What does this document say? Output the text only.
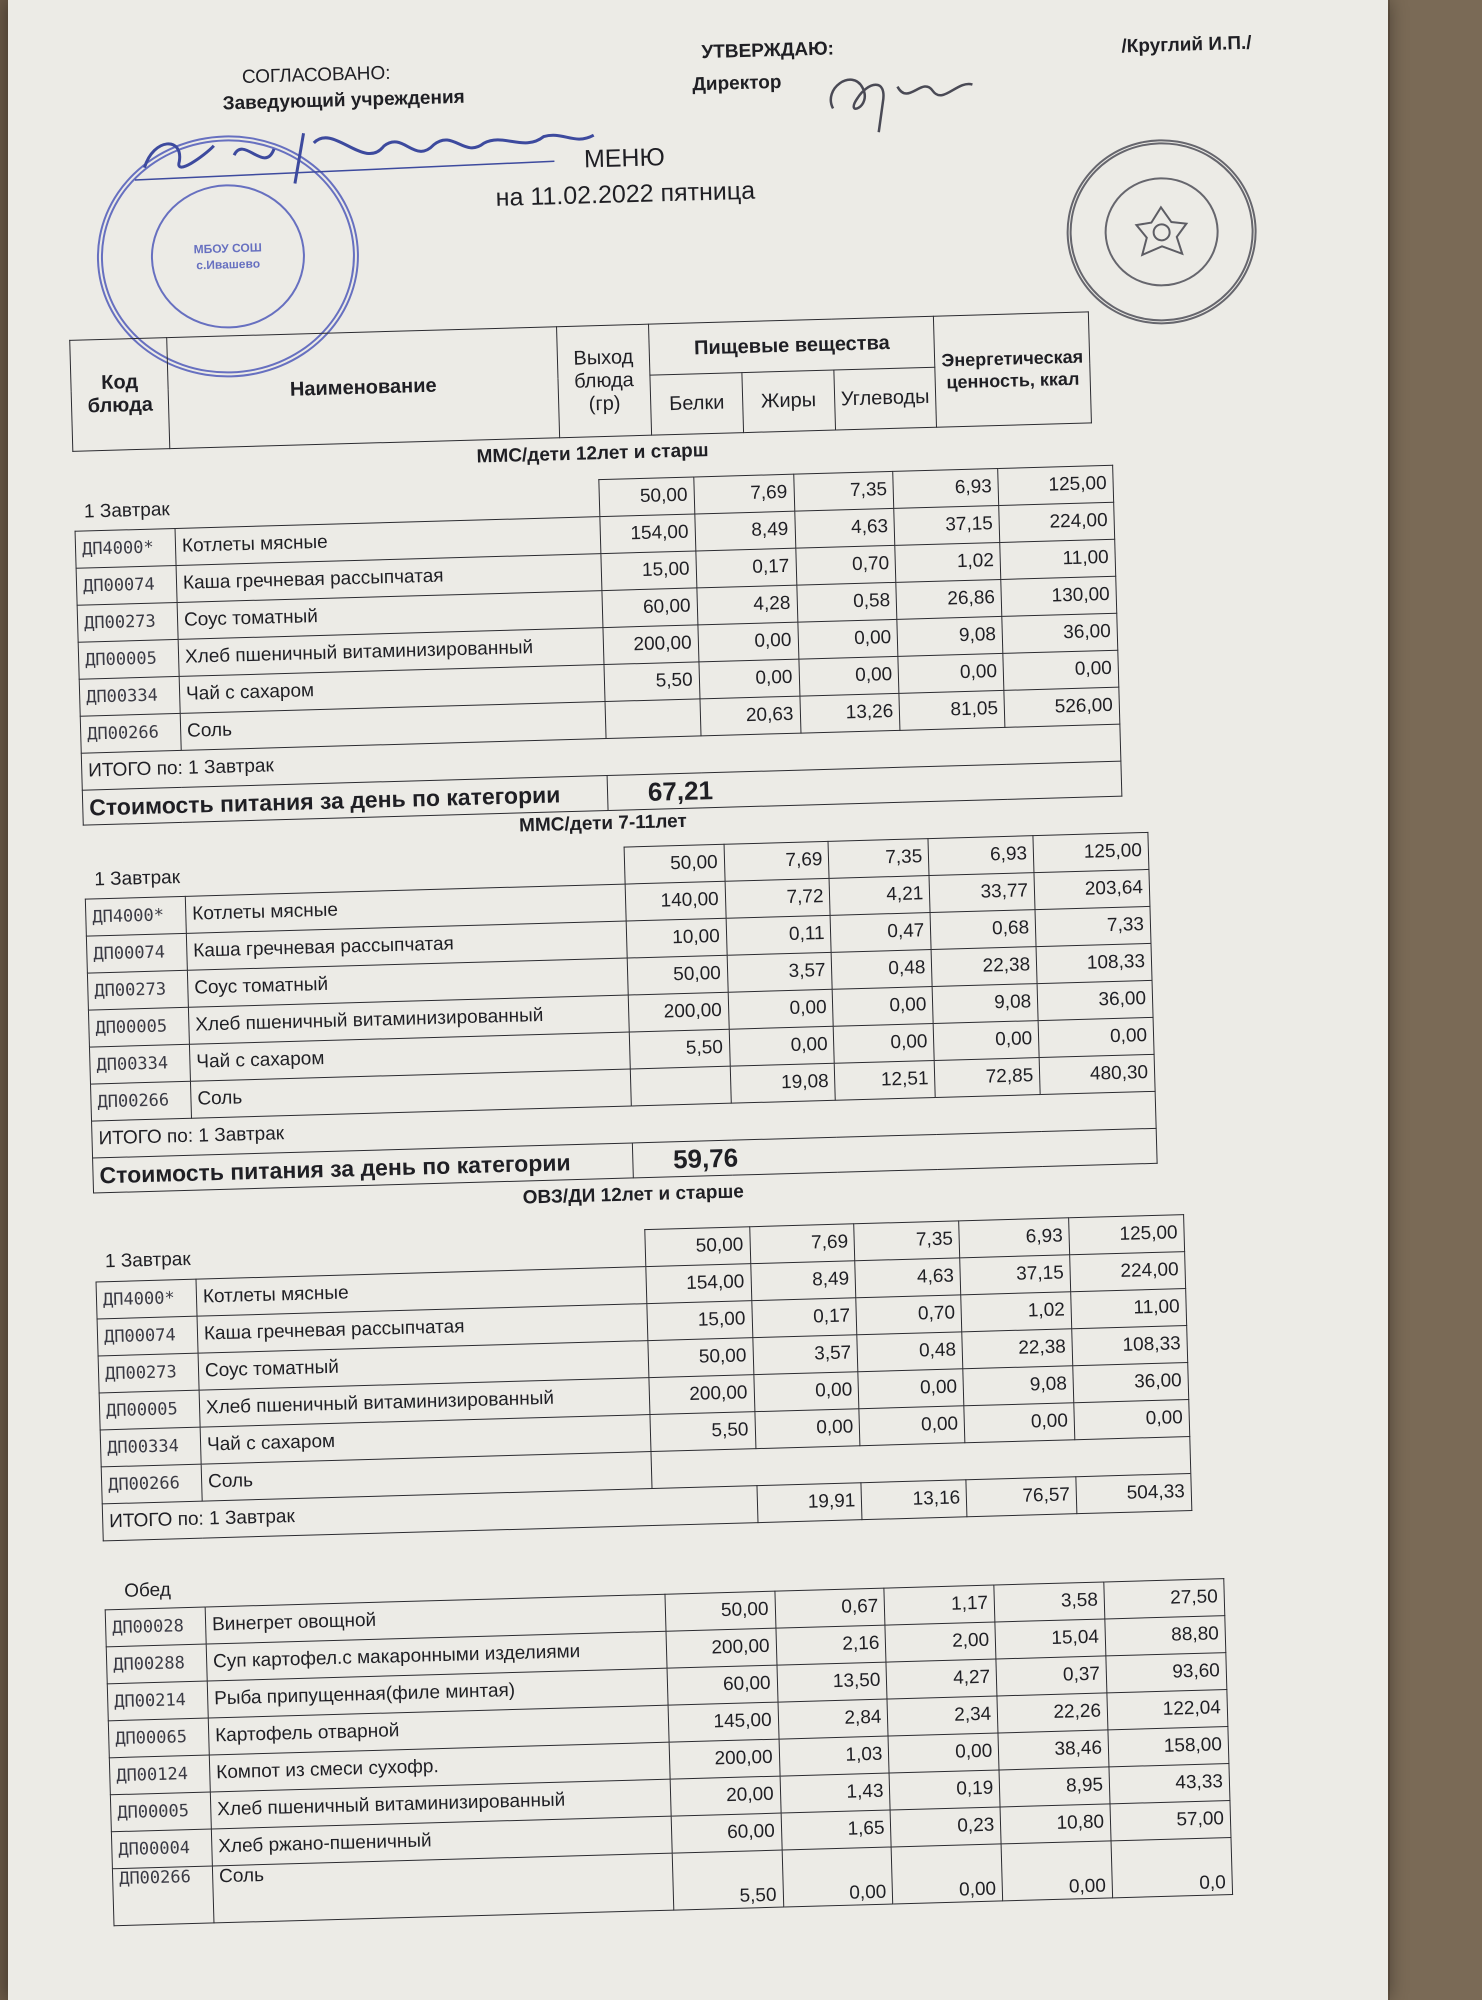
СОГЛАСОВАНО:
Заведующий учреждения
УТВЕРЖДАЮ:
Директор
/Круглий И.П./
МБОУ СОШ
с.Ивашево
МЕНЮ
на 11.02.2022 пятница
Код блюда	Наименование	Выход блюда (гр)	Пищевые вещества			Энергетическая ценность, ккал
			Белки	Жиры	Углеводы	
ММС/дети 12лет и старш
1 Завтрак
		50,00	7,69	7,35	6,93	125,00
ДП4000*	Котлеты мясные	154,00	8,49	4,63	37,15	224,00
ДП00074	Каша гречневая рассыпчатая	15,00	0,17	0,70	1,02	11,00
ДП00273	Соус томатный	60,00	4,28	0,58	26,86	130,00
ДП00005	Хлеб пшеничный витаминизированный	200,00	0,00	0,00	9,08	36,00
ДП00334	Чай с сахаром	5,50	0,00	0,00	0,00	0,00
ДП00266	Соль		20,63	13,26	81,05	526,00
ИТОГО по: 1 Завтрак						
Стоимость питания за день по категории		67,21				
ММС/дети 7-11лет
1 Завтрак
		50,00	7,69	7,35	6,93	125,00
ДП4000*	Котлеты мясные	140,00	7,72	4,21	33,77	203,64
ДП00074	Каша гречневая рассыпчатая	10,00	0,11	0,47	0,68	7,33
ДП00273	Соус томатный	50,00	3,57	0,48	22,38	108,33
ДП00005	Хлеб пшеничный витаминизированный	200,00	0,00	0,00	9,08	36,00
ДП00334	Чай с сахаром	5,50	0,00	0,00	0,00	0,00
ДП00266	Соль		19,08	12,51	72,85	480,30
ИТОГО по: 1 Завтрак						
Стоимость питания за день по категории		59,76				
ОВЗ/ДИ 12лет и старше
1 Завтрак
		50,00	7,69	7,35	6,93	125,00
ДП4000*	Котлеты мясные	154,00	8,49	4,63	37,15	224,00
ДП00074	Каша гречневая рассыпчатая	15,00	0,17	0,70	1,02	11,00
ДП00273	Соус томатный	50,00	3,57	0,48	22,38	108,33
ДП00005	Хлеб пшеничный витаминизированный	200,00	0,00	0,00	9,08	36,00
ДП00334	Чай с сахаром	5,50	0,00	0,00	0,00	0,00
ДП00266	Соль					
ИТОГО по: 1 Завтрак			19,91	13,16	76,57	504,33
Обед
ДП00028	Винегрет овощной	50,00	0,67	1,17	3,58	27,50
ДП00288	Суп картофел.с макаронными изделиями	200,00	2,16	2,00	15,04	88,80
ДП00214	Рыба припущенная(филе минтая)	60,00	13,50	4,27	0,37	93,60
ДП00065	Картофель отварной	145,00	2,84	2,34	22,26	122,04
ДП00124	Компот из смеси сухофр.	200,00	1,03	0,00	38,46	158,00
ДП00005	Хлеб пшеничный витаминизированный	20,00	1,43	0,19	8,95	43,33
ДП00004	Хлеб ржано-пшеничный	60,00	1,65	0,23	10,80	57,00
ДП00266	Соль	5,50	0,00	0,00	0,00	0,0
